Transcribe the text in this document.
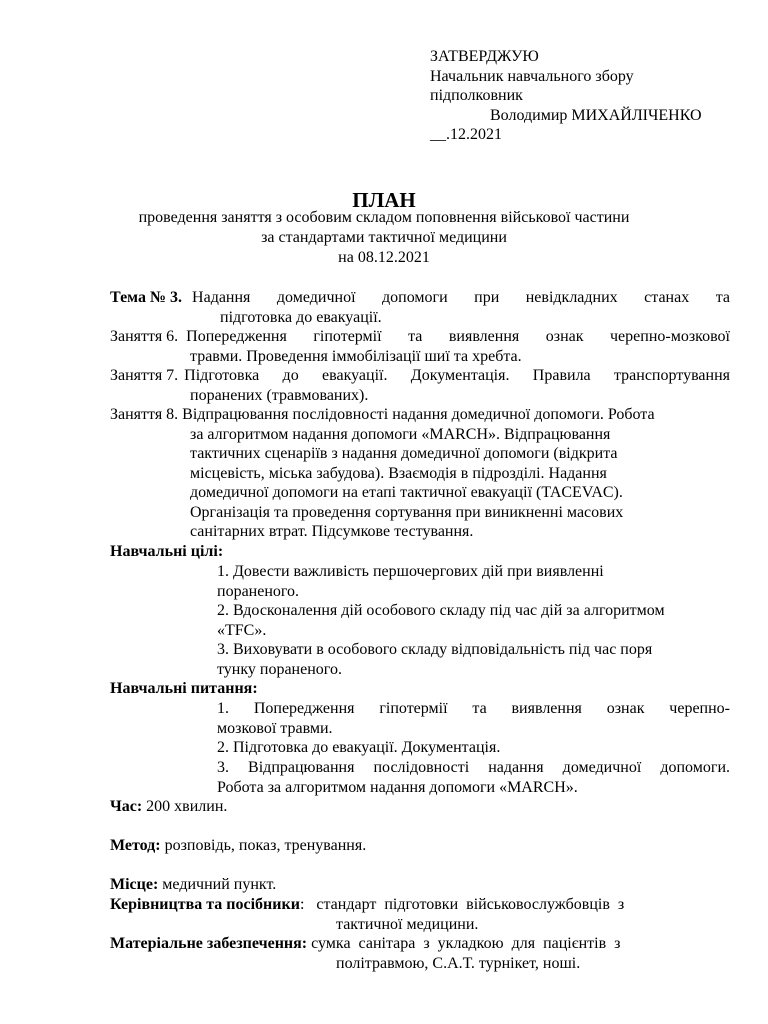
ЗАТВЕРДЖУЮ
Начальник навчального збору
підполковник
Володимир МИХАЙЛІЧЕНКО
__.12.2021
ПЛАН
проведення заняття з особовим складом поповнення військової частини
за стандартами тактичної медицини
на 08.12.2021
Тема № 3. Надання домедичної допомоги при невідкладних станах та
підготовка до евакуації.
Заняття 6. Попередження гіпотермії та виявлення ознак черепно-мозкової
травми. Проведення іммобілізації шиї та хребта.
Заняття 7. Підготовка до евакуації. Документація. Правила транспортування
поранених (травмованих).
Заняття 8. Відпрацювання послідовності надання домедичної допомоги. Робота
за алгоритмом надання допомоги «MARCH». Відпрацювання
тактичних сценаріїв з надання домедичної допомоги (відкрита
місцевість, міська забудова). Взаємодія в підрозділі. Надання
домедичної допомоги на етапі тактичної евакуації (TACEVAC).
Організація та проведення сортування при виникненні масових
санітарних втрат. Підсумкове тестування.
Навчальні цілі:
1. Довести важливість першочергових дій при виявленні
пораненого.
2. Вдосконалення дій особового складу під час дій за алгоритмом
«TFC».
3. Виховувати в особового складу відповідальність під час поря
тунку пораненого.
Навчальні питання:
1. Попередження гіпотермії та виявлення ознак черепно-
мозкової травми.
2. Підготовка до евакуації. Документація.
3. Відпрацювання послідовності надання домедичної допомоги.
Робота за алгоритмом надання допомоги «MARCH».
Час: 200 хвилин.
Метод: розповідь, показ, тренування.
Місце: медичний пункт.
Керівництва та посібники:   стандарт  підготовки  військовослужбовців  з
тактичної медицини.
Матеріальне забезпечення: сумка  санітара  з  укладкою  для  пацієнтів  з
політравмою, С.А.Т. турнікет, ноші.
